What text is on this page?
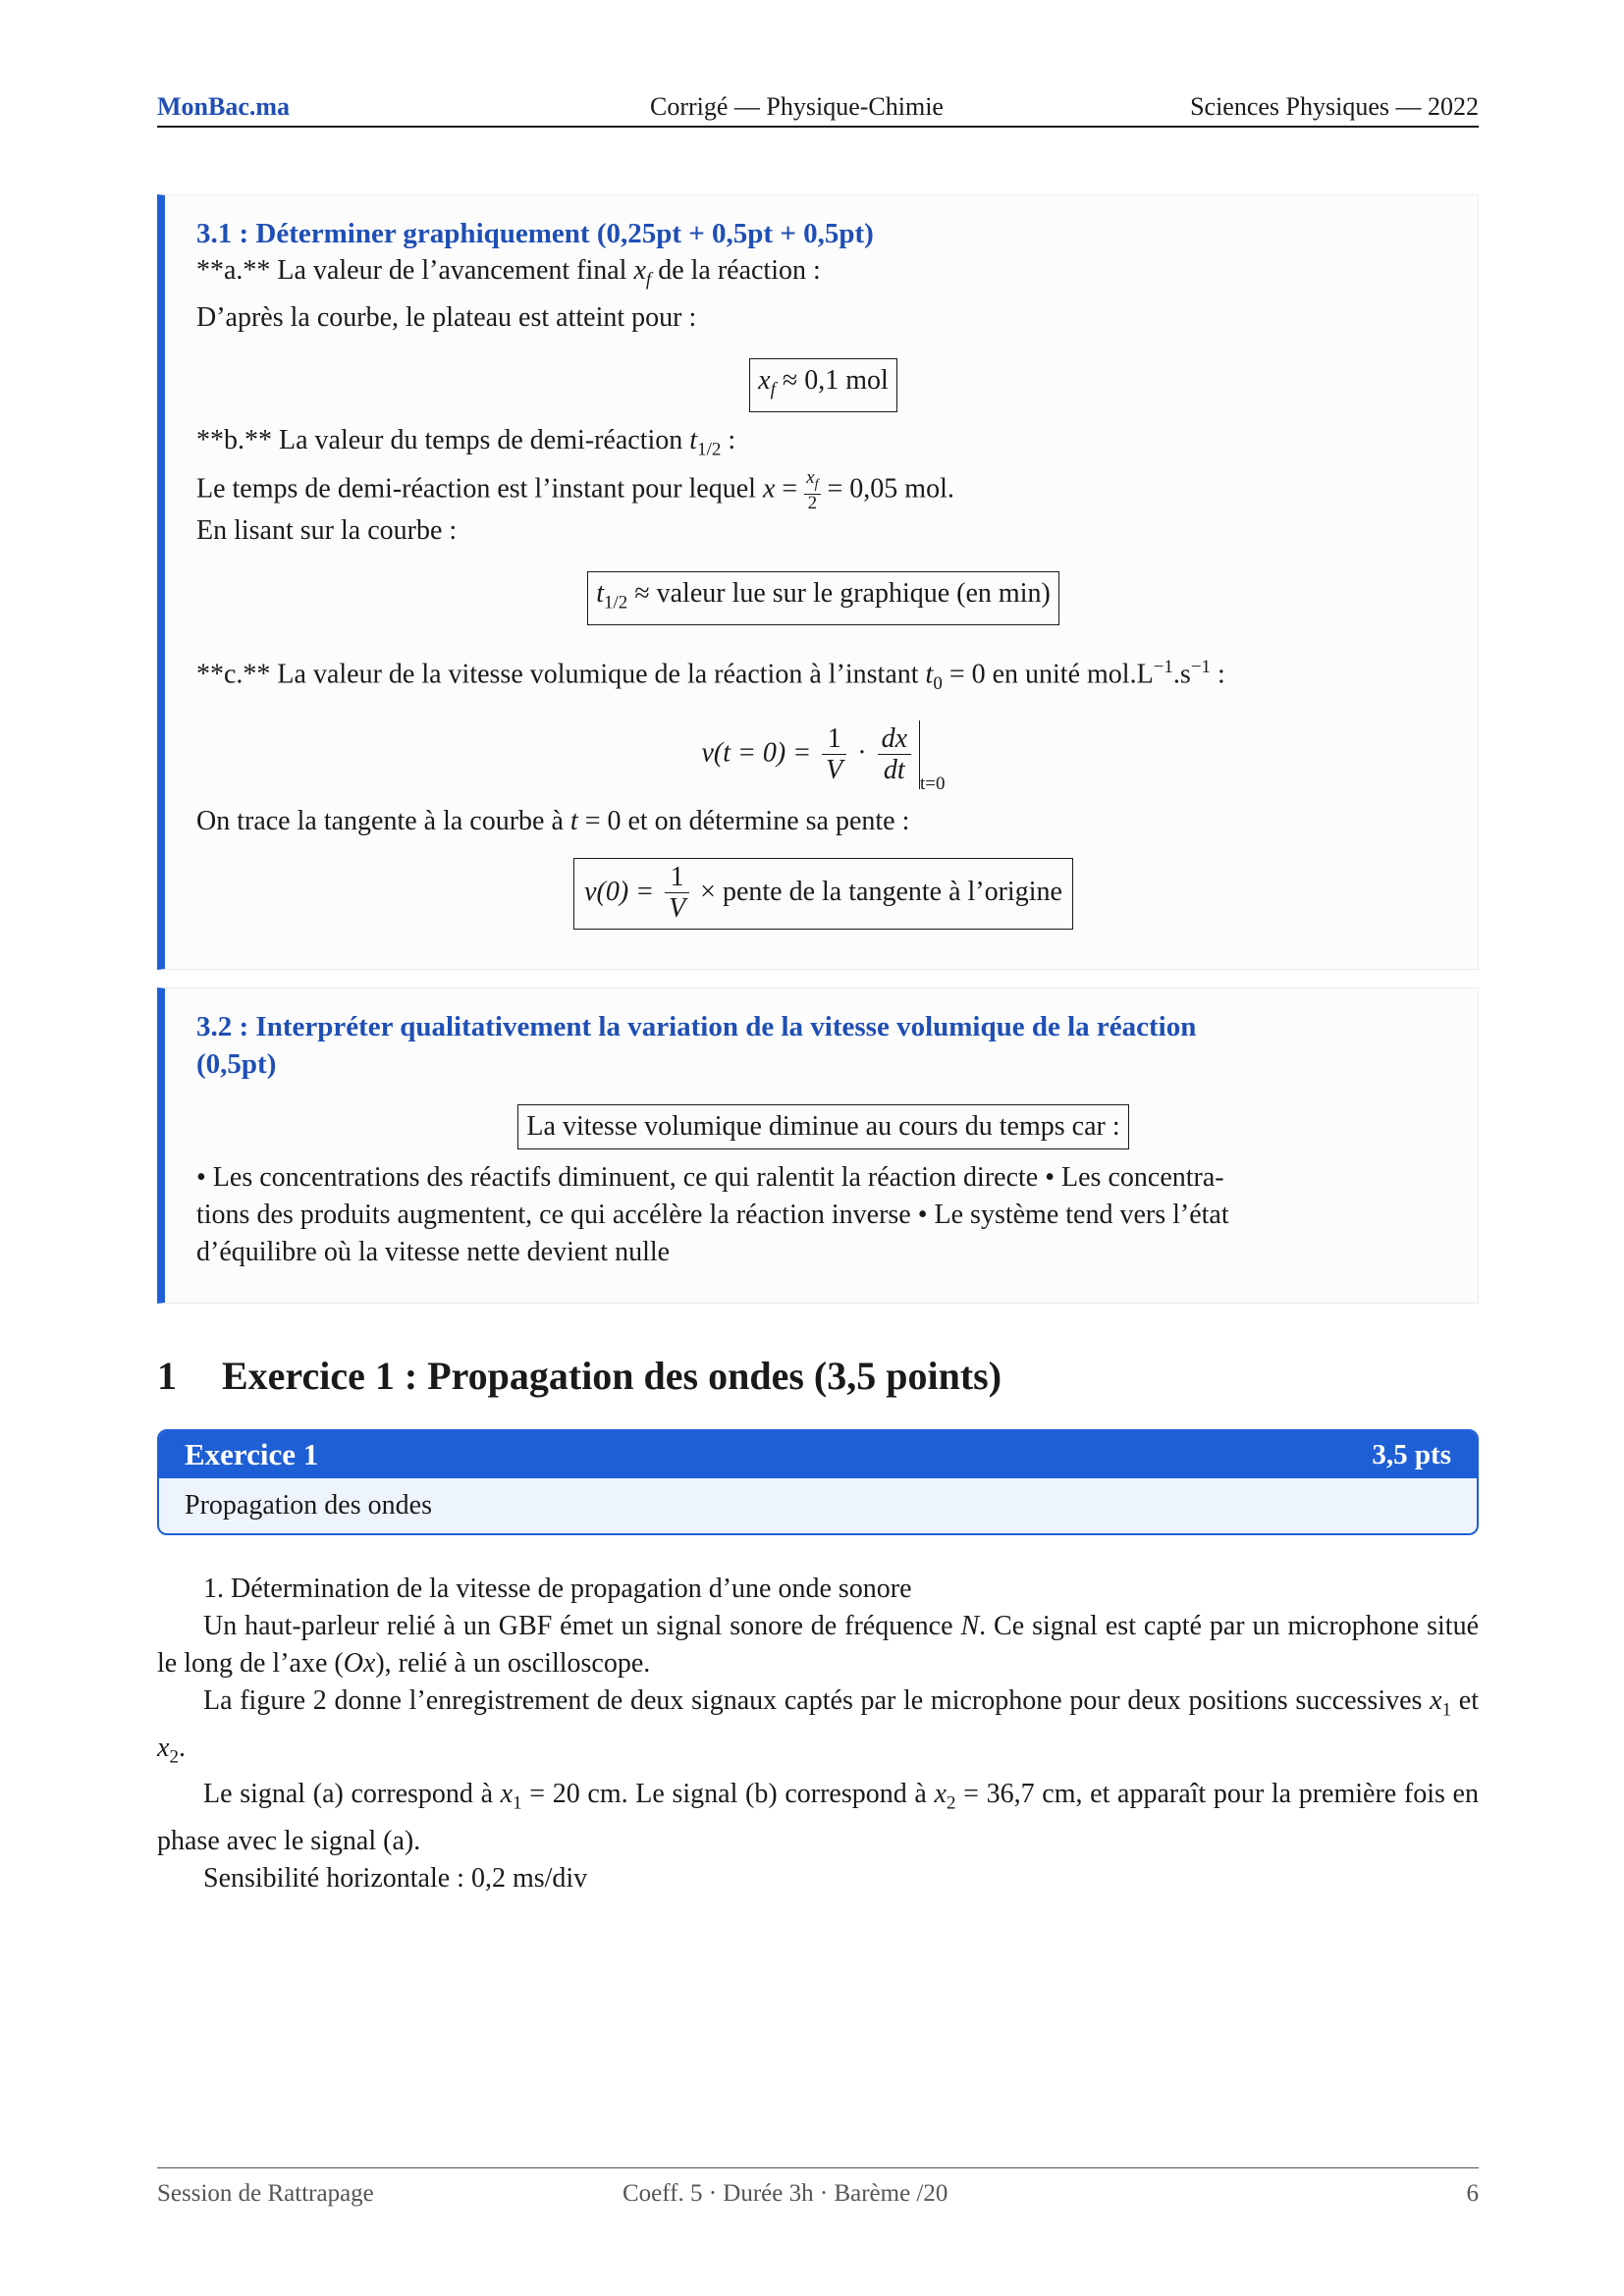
MonBac.ma	Corrigé — Physique-Chimie	Sciences Physiques — 2022
3.1 : Déterminer graphiquement (0,25pt + 0,5pt + 0,5pt)
**a.** La valeur de l’avancement final $x_f$ de la réaction :
D’après la courbe, le plateau est atteint pour :
$x_f \approx 0,1$ mol
**b.** La valeur du temps de demi-réaction $t_{1/2}$ :
Le temps de demi-réaction est l’instant pour lequel $x = \frac{x_f}{2} = 0,05$ mol.
En lisant sur la courbe :
$t_{1/2}$ ≈ valeur lue sur le graphique (en min)
**c.** La valeur de la vitesse volumique de la réaction à l’instant $t_0 = 0$ en unité $mol.L^{-1}.s^{-1}$ :
$v(t = 0) = \frac{1}{V} \cdot \frac{dx}{dt} _{t=0}$
On trace la tangente à la courbe à t = 0 et on détermine sa pente :
$v(0) = \frac{1}{V}$ × pente de la tangente à l’origine
3.2 : Interpréter qualitativement la variation de la vitesse volumique de la réaction
(0,5pt)
La vitesse volumique diminue au cours du temps car :
• Les concentrations des réactifs diminuent, ce qui ralentit la réaction directe • Les concentra-
tions des produits augmentent, ce qui accélère la réaction inverse • Le système tend vers l’état
d’équilibre où la vitesse nette devient nulle
1 Exercice 1 : Propagation des ondes (3,5 points)
Exercice 1	3,5 pts
Propagation des ondes

1. Détermination de la vitesse de propagation d’une onde sonore

Un haut-parleur relié à un GBF émet un signal sonore de fréquence N. Ce signal est capté par un microphone situé le long de l’axe (Ox), relié à un oscilloscope.

La figure 2 donne l’enregistrement de deux signaux captés par le microphone pour deux positions successives $x_1$ et $x_2$.

Le signal (a) correspond à $x_1 = 20$ cm. Le signal (b) correspond à $x_2 = 36,7$ cm, et apparaît pour la première fois en phase avec le signal (a).

Sensibilité horizontale : 0,2 ms/div

Session de Rattrapage	Coeff. 5 · Durée 3h · Barème /20	6
